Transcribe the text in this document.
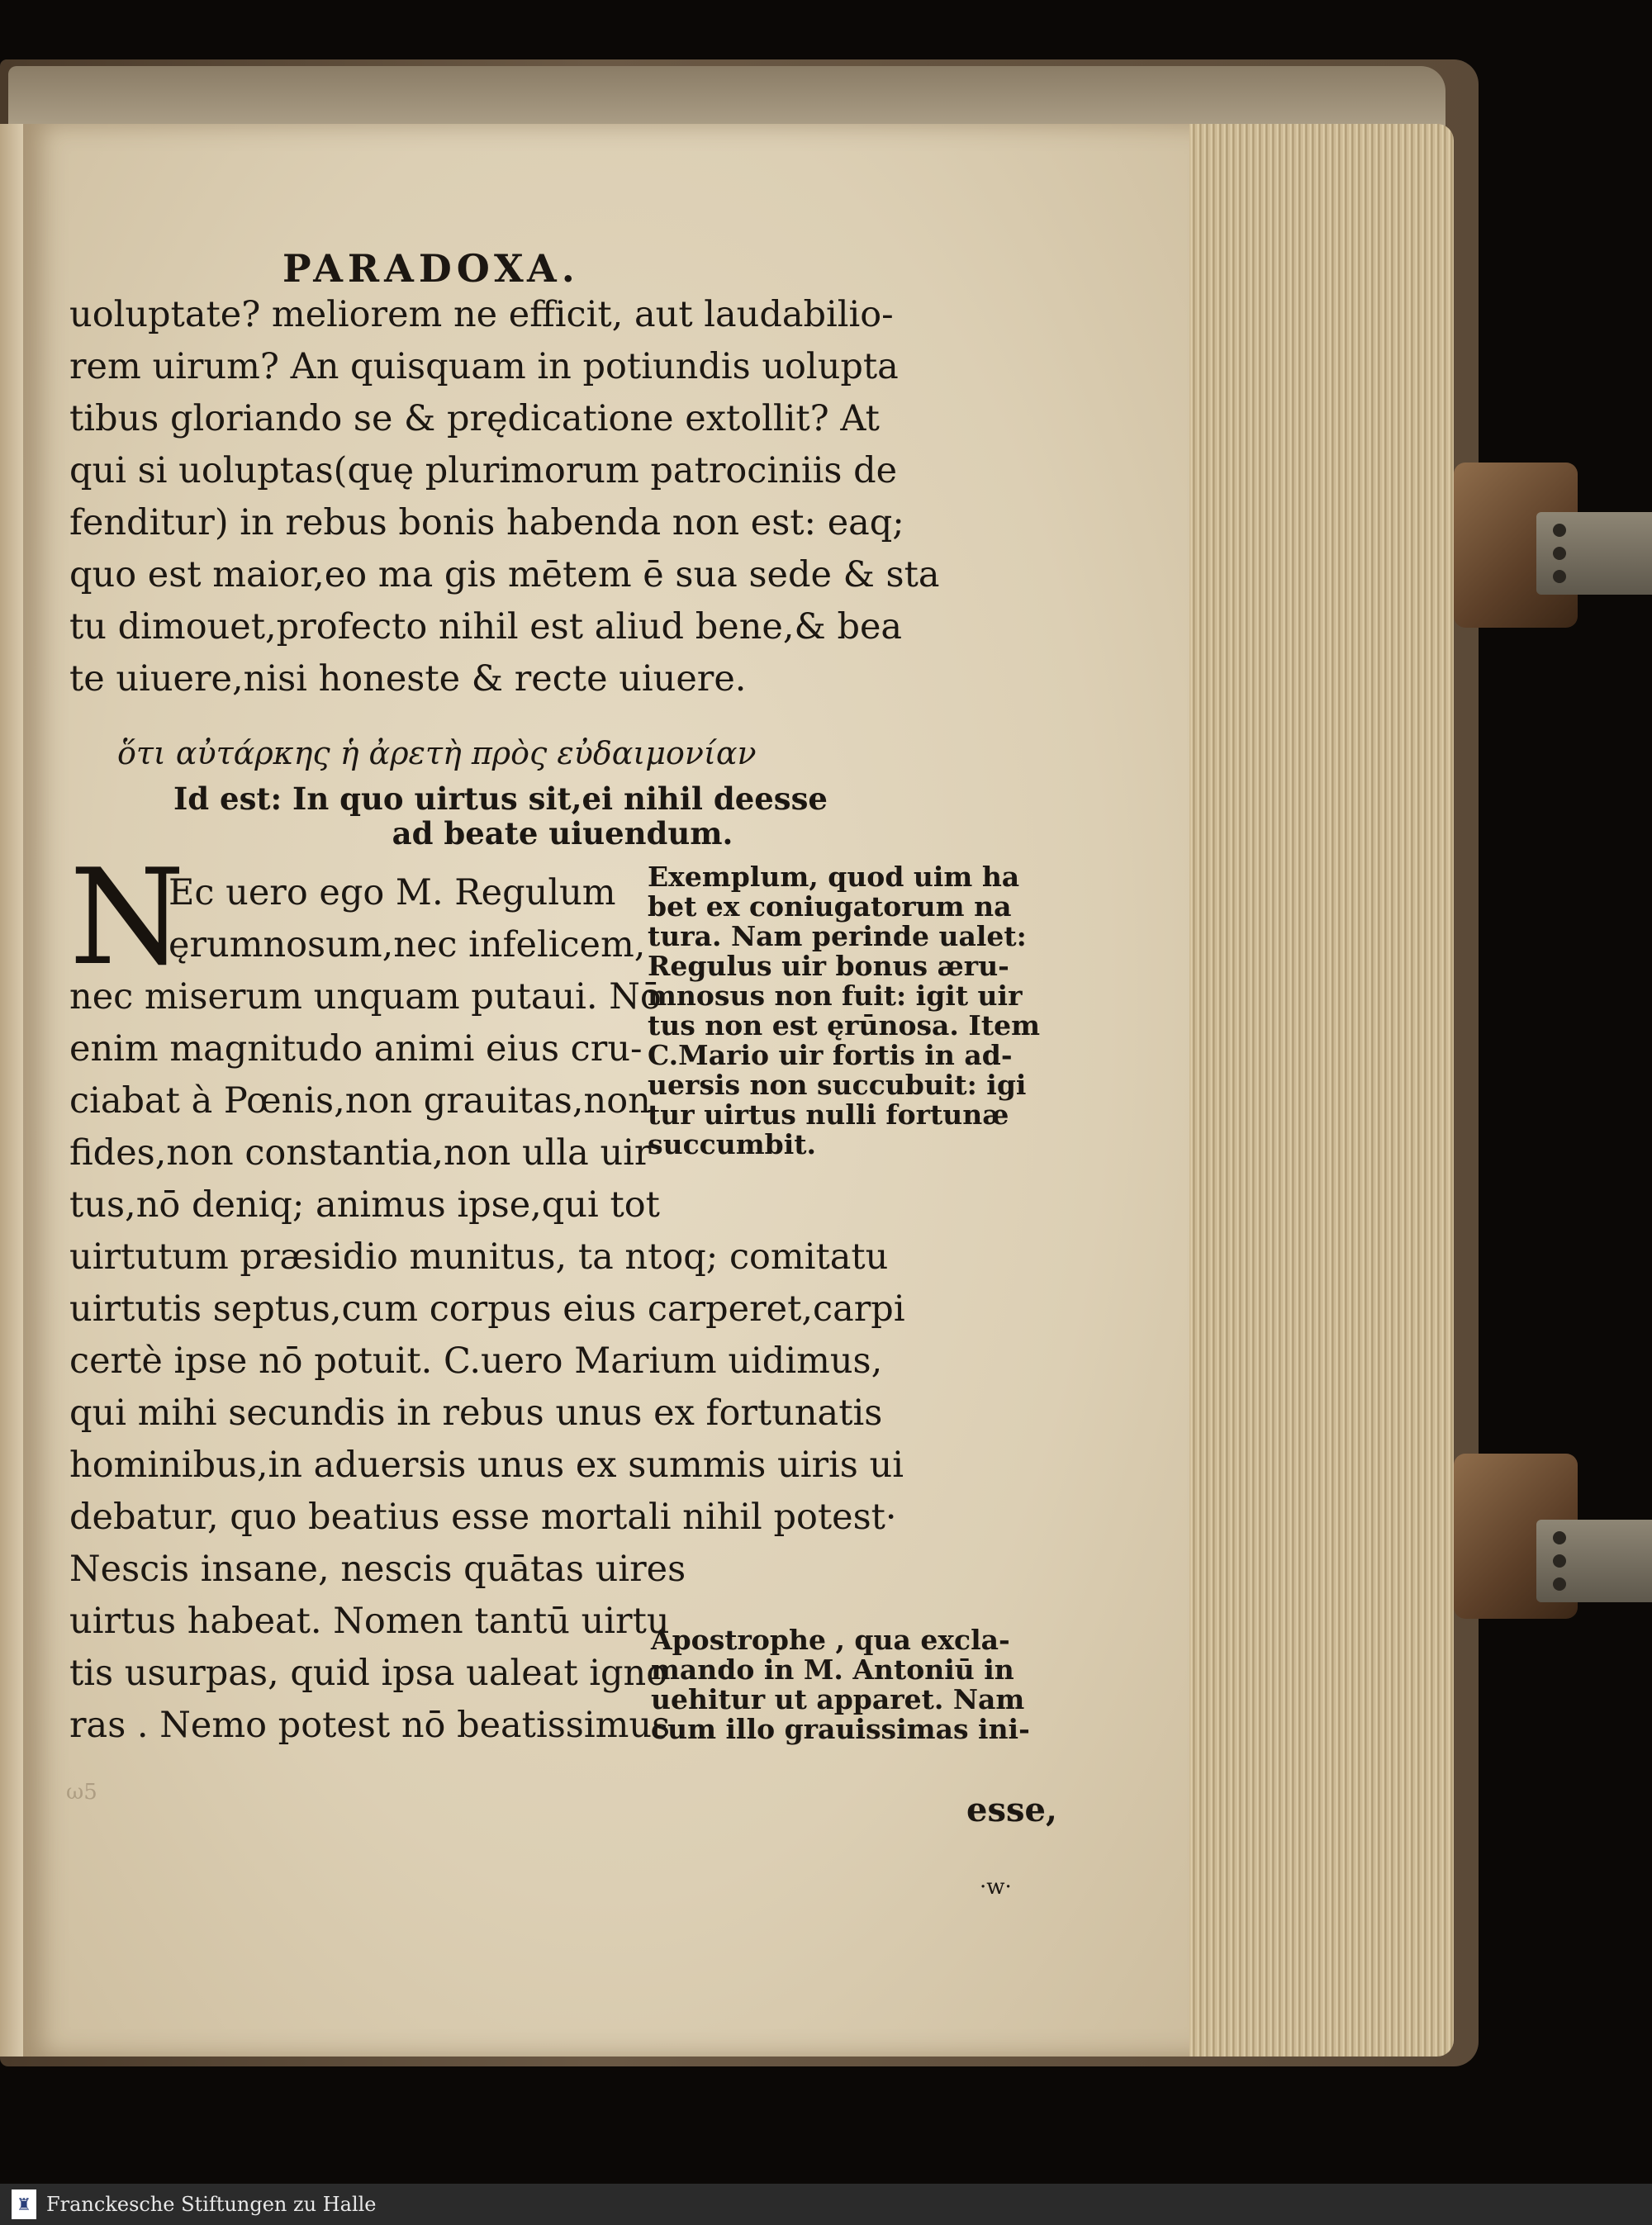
PARADOXA.
uoluptate? meliorem ne efficit, aut laudabilio-
rem uirum? An quisquam in potiundis uolupta
tibus gloriando se & prędicatione extollit? At
qui si uoluptas(quę plurimorum patrociniis de
fenditur) in rebus bonis habenda non est: eaq;
quo est maior,eo ma gis mētem ē sua sede & sta
tu dimouet,profecto nihil est aliud bene,& bea
te uiuere,nisi honeste & recte uiuere.
ὅτι αὐτάρκης ἡ ἀρετὴ πρὸς εὐδαιμονίαν
Id est: In quo uirtus sit,ei nihil deesse
ad beate uiuendum.
N
Ec uero ego M. Regulum
ęrumnosum,nec infelicem,
nec miserum unquam putaui. Nō
enim magnitudo animi eius cru-
ciabat à Pœnis,non grauitas,non
fides,non constantia,non ulla uir
tus,nō deniq; animus ipse,qui tot
uirtutum præsidio munitus, ta ntoq; comitatu
uirtutis septus,cum corpus eius carperet,carpi
certè ipse nō potuit. C.uero Marium uidimus,
qui mihi secundis in rebus unus ex fortunatis
hominibus,in aduersis unus ex summis uiris ui
debatur, quo beatius esse mortali nihil potest·
Nescis insane, nescis quātas uires
uirtus habeat. Nomen tantū uirtu
tis usurpas, quid ipsa ualeat igno
ras . Nemo potest nō beatissimus
Exemplum, quod uim ha
bet ex coniugatorum na
tura. Nam perinde ualet:
Regulus uir bonus æru-
mnosus non fuit: igit uir
tus non est ęrūnosa. Item
C.Mario uir fortis in ad-
uersis non succubuit: igi
tur uirtus nulli fortunæ
succumbit.
Apostrophe , qua excla-
mando in M. Antoniū in
uehitur ut apparet. Nam
cum illo grauissimas ini-
esse,
·w·
ω5
♜ Franckesche Stiftungen zu Halle
